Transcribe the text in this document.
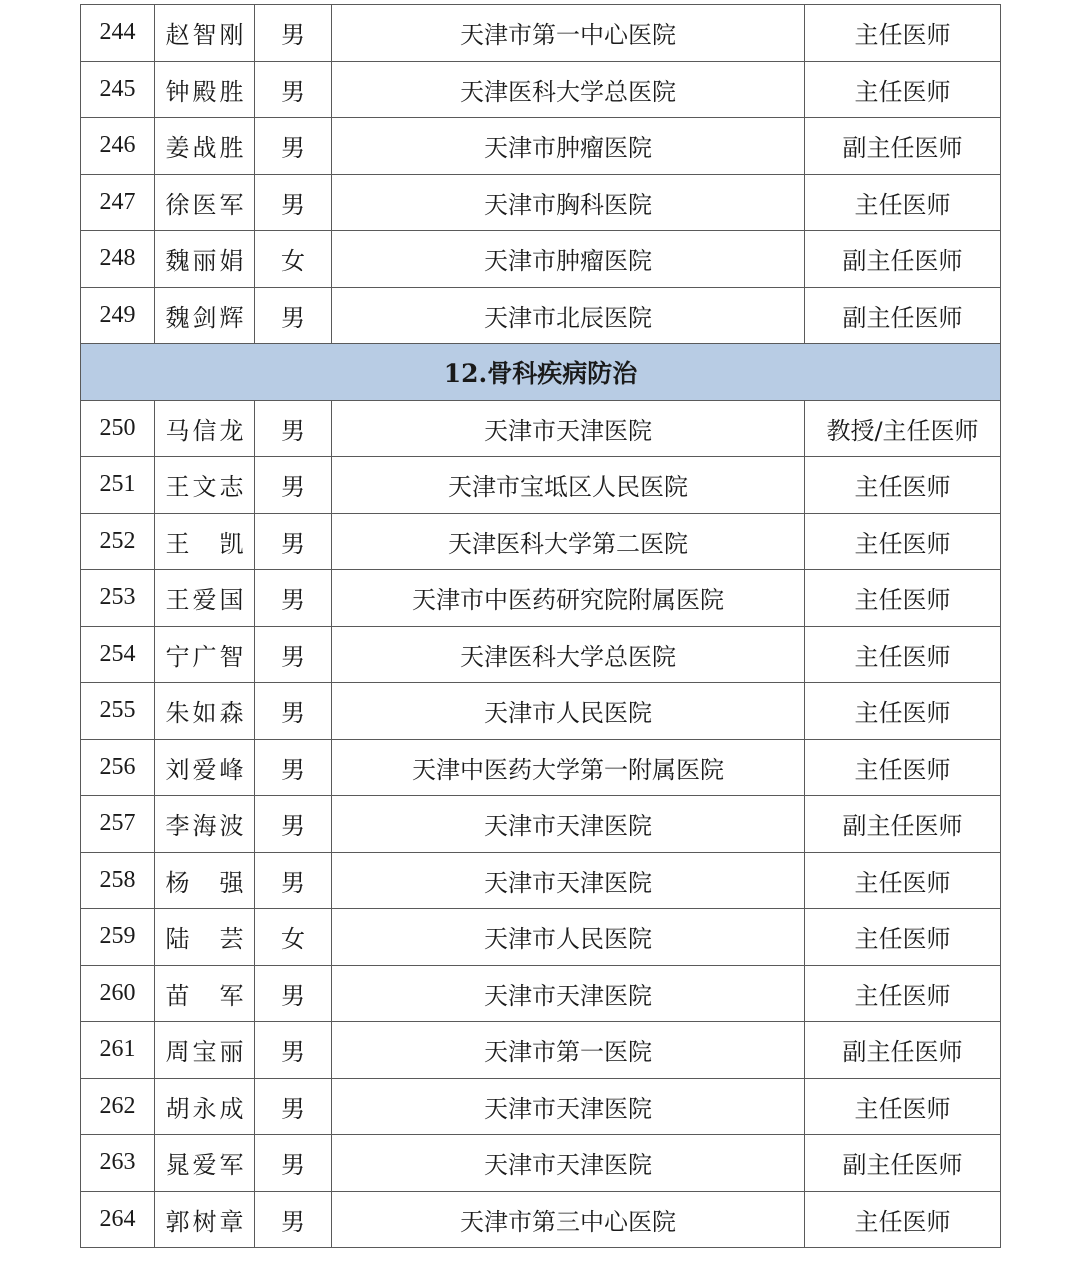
244	赵智刚	男	天津市第一中心医院	主任医师
245	钟殿胜	男	天津医科大学总医院	主任医师
246	姜战胜	男	天津市肿瘤医院	副主任医师
247	徐医军	男	天津市胸科医院	主任医师
248	魏丽娟	女	天津市肿瘤医院	副主任医师
249	魏剑辉	男	天津市北辰医院	副主任医师
12.骨科疾病防治				
250	马信龙	男	天津市天津医院	教授/主任医师
251	王文志	男	天津市宝坻区人民医院	主任医师
252	王 凯	男	天津医科大学第二医院	主任医师
253	王爱国	男	天津市中医药研究院附属医院	主任医师
254	宁广智	男	天津医科大学总医院	主任医师
255	朱如森	男	天津市人民医院	主任医师
256	刘爱峰	男	天津中医药大学第一附属医院	主任医师
257	李海波	男	天津市天津医院	副主任医师
258	杨 强	男	天津市天津医院	主任医师
259	陆 芸	女	天津市人民医院	主任医师
260	苗 军	男	天津市天津医院	主任医师
261	周宝丽	男	天津市第一医院	副主任医师
262	胡永成	男	天津市天津医院	主任医师
263	晁爱军	男	天津市天津医院	副主任医师
264	郭树章	男	天津市第三中心医院	主任医师
